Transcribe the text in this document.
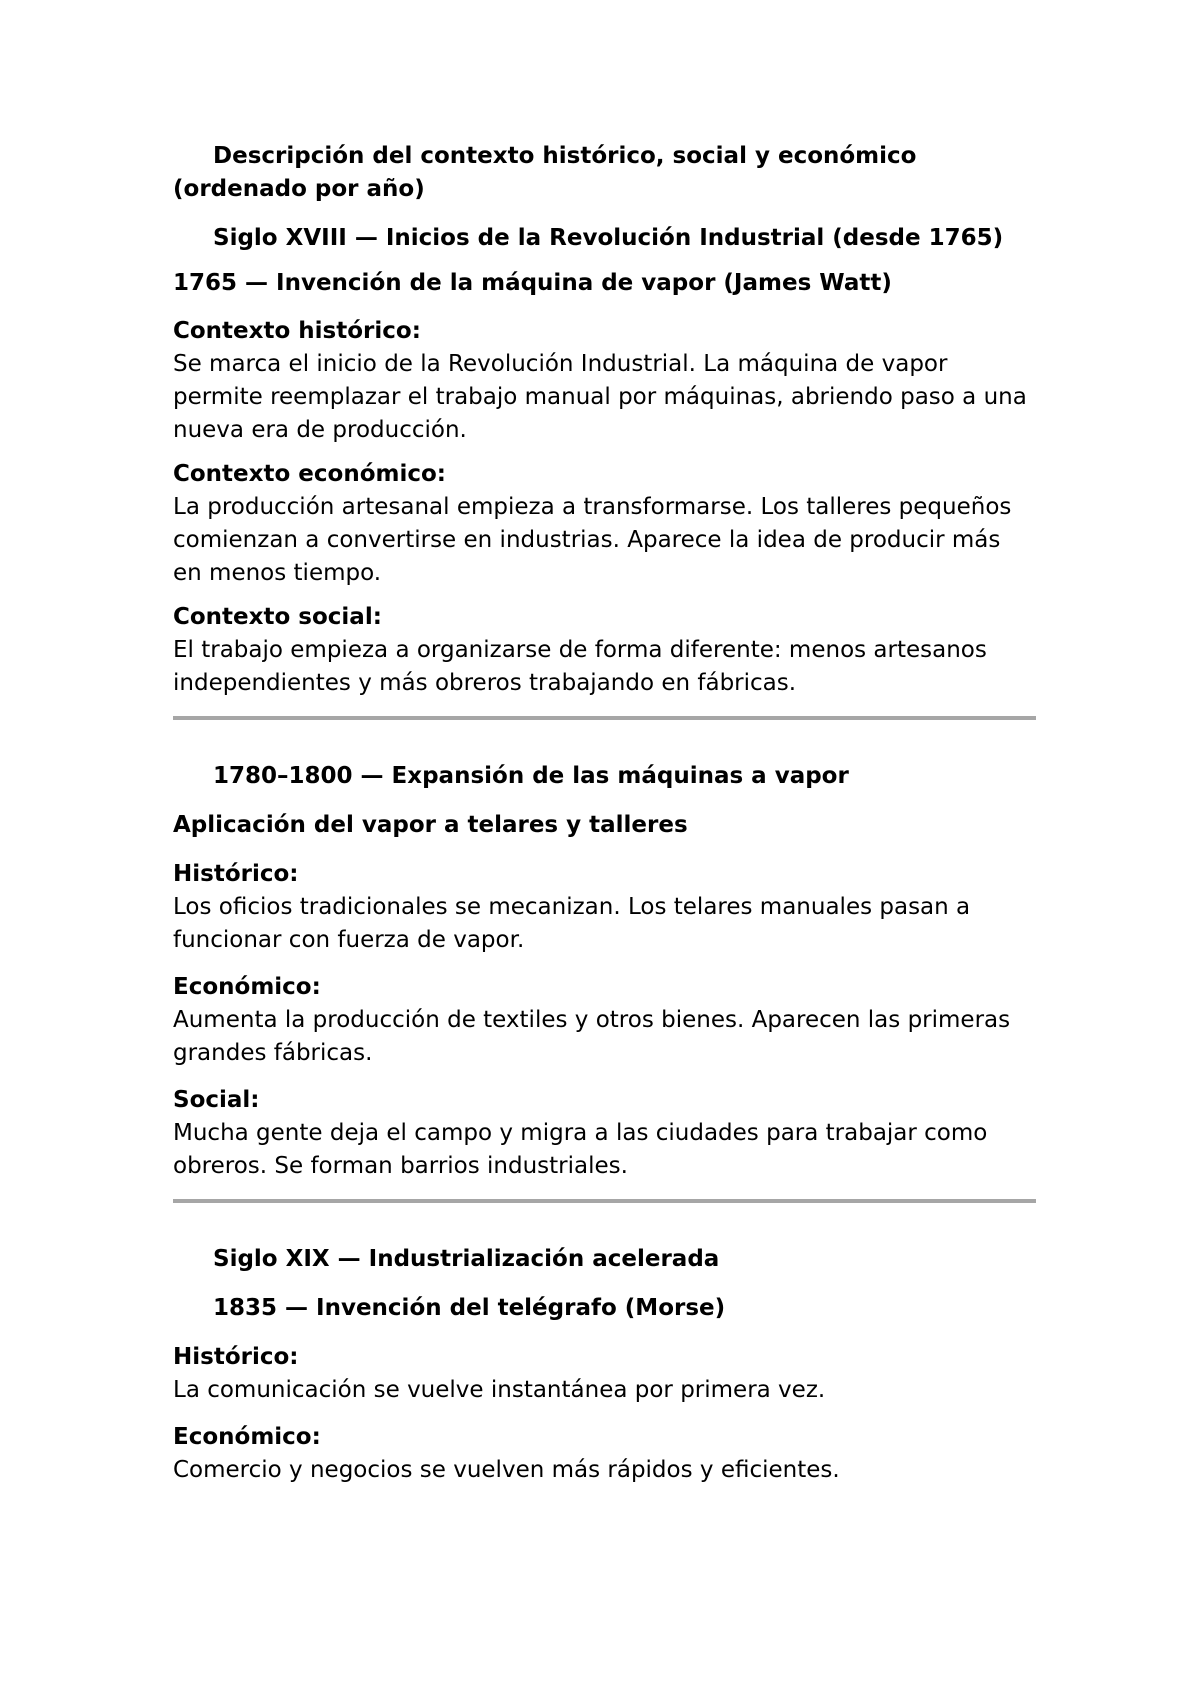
Descripción del contexto histórico, social y económico (ordenado por año)

Siglo XVIII — Inicios de la Revolución Industrial (desde 1765)

1765 — Invención de la máquina de vapor (James Watt)

Contexto histórico:

Se marca el inicio de la Revolución Industrial. La máquina de vapor permite reemplazar el trabajo manual por máquinas, abriendo paso a una nueva era de producción.

Contexto económico:

La producción artesanal empieza a transformarse. Los talleres pequeños comienzan a convertirse en industrias. Aparece la idea de producir más en menos tiempo.

Contexto social:

El trabajo empieza a organizarse de forma diferente: menos artesanos independientes y más obreros trabajando en fábricas.

1780–1800 — Expansión de las máquinas a vapor

Aplicación del vapor a telares y talleres

Histórico:

Los oficios tradicionales se mecanizan. Los telares manuales pasan a funcionar con fuerza de vapor.

Económico:

Aumenta la producción de textiles y otros bienes. Aparecen las primeras grandes fábricas.

Social:

Mucha gente deja el campo y migra a las ciudades para trabajar como obreros. Se forman barrios industriales.

Siglo XIX — Industrialización acelerada

1835 — Invención del telégrafo (Morse)

Histórico:

La comunicación se vuelve instantánea por primera vez.

Económico:

Comercio y negocios se vuelven más rápidos y eficientes.
